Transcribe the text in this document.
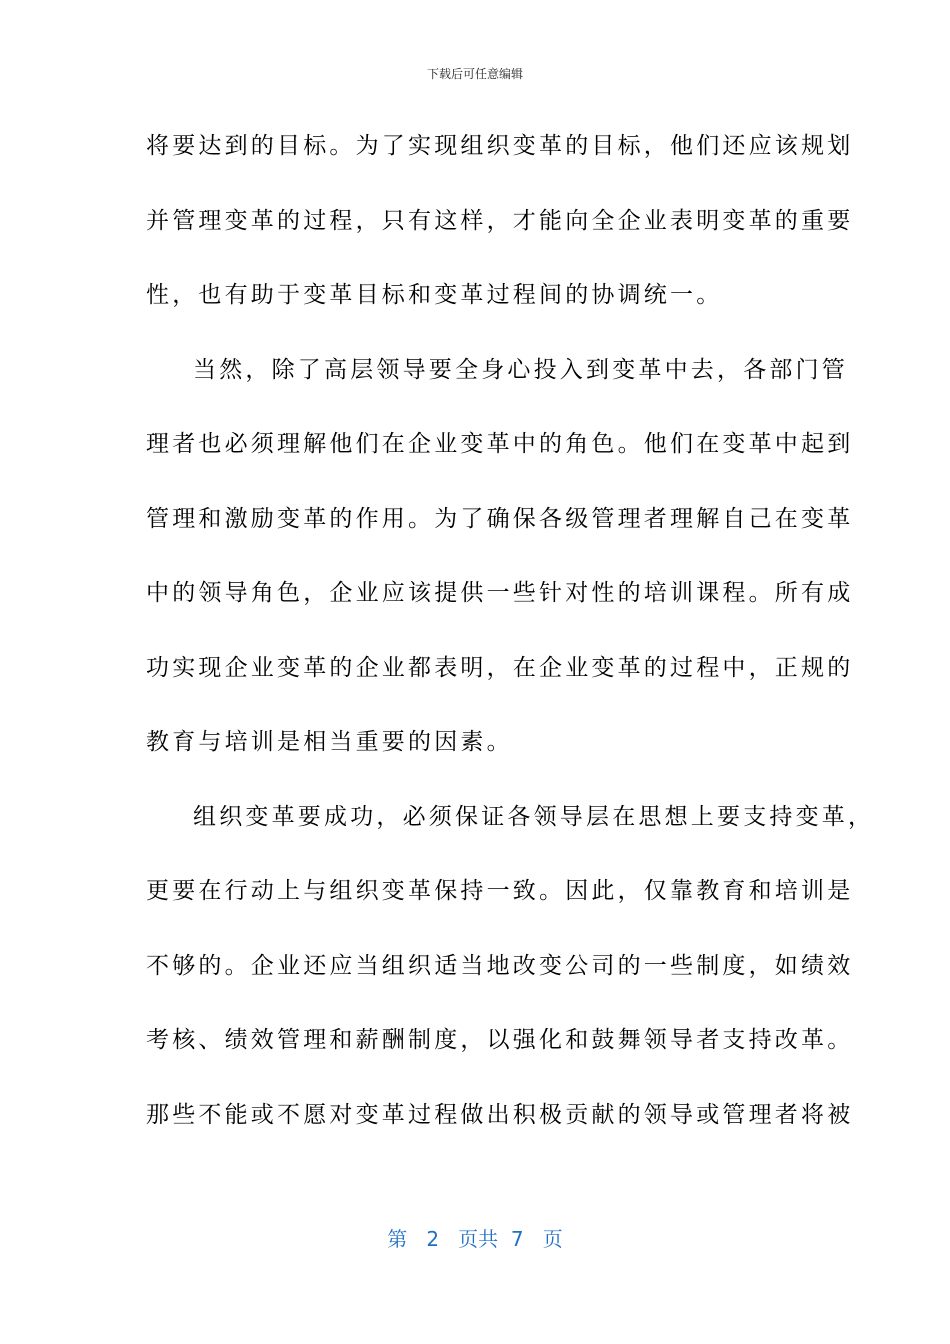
下载后可任意编辑
将要达到的目标。为了实现组织变革的目标，他们还应该规划
并管理变革的过程，只有这样，才能向全企业表明变革的重要
性，也有助于变革目标和变革过程间的协调统一。
当然，除了高层领导要全身心投入到变革中去，各部门管
理者也必须理解他们在企业变革中的角色。他们在变革中起到
管理和激励变革的作用。为了确保各级管理者理解自己在变革
中的领导角色，企业应该提供一些针对性的培训课程。所有成
功实现企业变革的企业都表明，在企业变革的过程中，正规的
教育与培训是相当重要的因素。
组织变革要成功，必须保证各领导层在思想上要支持变革，
更要在行动上与组织变革保持一致。因此，仅靠教育和培训是
不够的。企业还应当组织适当地改变公司的一些制度，如绩效
考核、绩效管理和薪酬制度，以强化和鼓舞领导者支持改革。
那些不能或不愿对变革过程做出积极贡献的领导或管理者将被
第 2 页共 7 页
